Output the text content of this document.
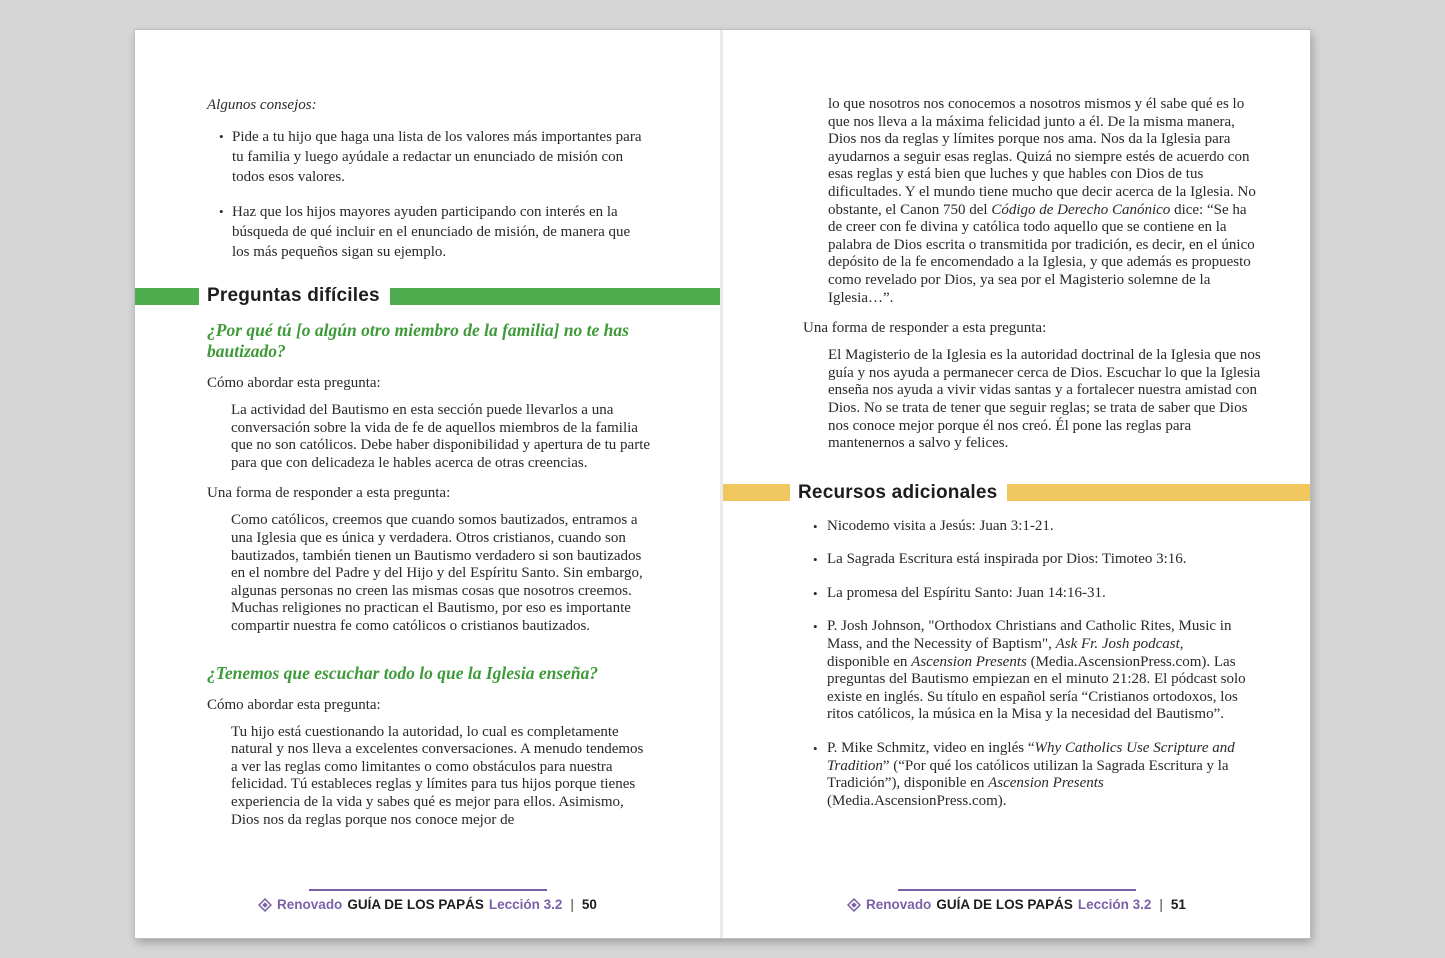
Algunos consejos:

• Pide a tu hijo que haga una lista de los valores más importantes para tu familia y luego ayúdale a redactar un enunciado de misión con todos esos valores.
• Haz que los hijos mayores ayuden participando con interés en la búsqueda de qué incluir en el enunciado de misión, de manera que los más pequeños sigan su ejemplo.
Preguntas difíciles
¿Por qué tú [o algún otro miembro de la familia] no te has bautizado?

Cómo abordar esta pregunta:

La actividad del Bautismo en esta sección puede llevarlos a una conversación sobre la vida de fe de aquellos miembros de la familia que no son católicos. Debe haber disponibilidad y apertura de tu parte para que con delicadeza le hables acerca de otras creencias.

Una forma de responder a esta pregunta:

Como católicos, creemos que cuando somos bautizados, entramos a una Iglesia que es única y verdadera. Otros cristianos, cuando son bautizados, también tienen un Bautismo verdadero si son bautizados en el nombre del Padre y del Hijo y del Espíritu Santo. Sin embargo, algunas personas no creen las mismas cosas que nosotros creemos. Muchas religiones no practican el Bautismo, por eso es importante compartir nuestra fe como católicos o cristianos bautizados.

¿Tenemos que escuchar todo lo que la Iglesia enseña?

Cómo abordar esta pregunta:

Tu hijo está cuestionando la autoridad, lo cual es completamente natural y nos lleva a excelentes conversaciones. A menudo tendemos a ver las reglas como limitantes o como obstáculos para nuestra felicidad. Tú estableces reglas y límites para tus hijos porque tienes experiencia de la vida y sabes qué es mejor para ellos. Asimismo, Dios nos da reglas porque nos conoce mejor de

Renovado GUÍA DE LOS PAPÁS Lección 3.2 | 50

lo que nosotros nos conocemos a nosotros mismos y él sabe qué es lo que nos lleva a la máxima felicidad junto a él. De la misma manera, Dios nos da reglas y límites porque nos ama. Nos da la Iglesia para ayudarnos a seguir esas reglas. Quizá no siempre estés de acuerdo con esas reglas y está bien que luches y que hables con Dios de tus dificultades. Y el mundo tiene mucho que decir acerca de la Iglesia. No obstante, el Canon 750 del Código de Derecho Canónico dice: “Se ha de creer con fe divina y católica todo aquello que se contiene en la palabra de Dios escrita o transmitida por tradición, es decir, en el único depósito de la fe encomendado a la Iglesia, y que además es propuesto como revelado por Dios, ya sea por el Magisterio solemne de la Iglesia…”.

Una forma de responder a esta pregunta:

El Magisterio de la Iglesia es la autoridad doctrinal de la Iglesia que nos guía y nos ayuda a permanecer cerca de Dios. Escuchar lo que la Iglesia enseña nos ayuda a vivir vidas santas y a fortalecer nuestra amistad con Dios. No se trata de tener que seguir reglas; se trata de saber que Dios nos conoce mejor porque él nos creó. Él pone las reglas para mantenernos a salvo y felices.

Recursos adicionales
• Nicodemo visita a Jesús: Juan 3:1-21.
• La Sagrada Escritura está inspirada por Dios: Timoteo 3:16.
• La promesa del Espíritu Santo: Juan 14:16-31.
• P. Josh Johnson, "Orthodox Christians and Catholic Rites, Music in Mass, and the Necessity of Baptism", Ask Fr. Josh podcast, disponible en Ascension Presents (Media.AscensionPress.com). Las preguntas del Bautismo empiezan en el minuto 21:28. El pódcast solo existe en inglés. Su título en español sería “Cristianos ortodoxos, los ritos católicos, la música en la Misa y la necesidad del Bautismo”.
• P. Mike Schmitz, video en inglés “Why Catholics Use Scripture and Tradition” (“Por qué los católicos utilizan la Sagrada Escritura y la Tradición”), disponible en Ascension Presents (Media.AscensionPress.com).
Renovado GUÍA DE LOS PAPÁS Lección 3.2 | 51
